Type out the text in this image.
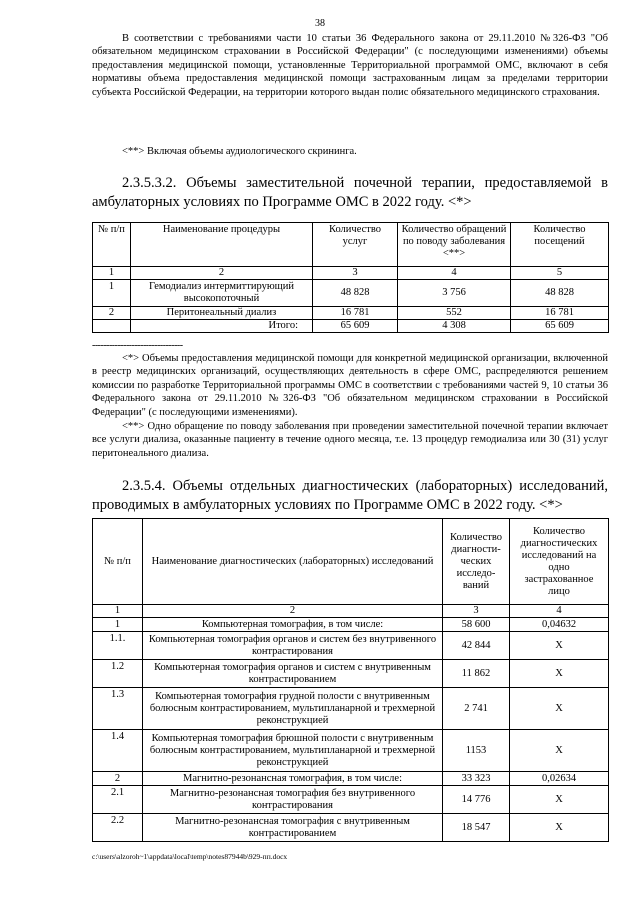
38

В соответствии с требованиями части 10 статьи 36 Федерального закона от 29.11.2010 №326-ФЗ "Об обязательном медицинском страховании в Российской Федерации" (с последующими изменениями) объемы предоставления медицинской помощи, установленные Территориальной программой ОМС, включают в себя нормативы объема предоставления медицинской помощи застрахованным лицам за пределами территории субъекта Российской Федерации, на территории которого выдан полис обязательного медицинского страхования.

<**> Включая объемы аудиологического скрининга.

2.3.5.3.2. Объемы заместительной почечной терапии, предоставляемой в амбулаторных условиях по Программе ОМС в 2022 году. <*>

№ п/п	Наименование процедуры	Количество услуг	Количество обращений по поводу заболевания <**>	Количество посещений
1	2	3	4	5
1	Гемодиализ интермиттирующий высокопоточный	48 828	3 756	48 828
2	Перитонеальный диализ	16 781	552	16 781
	Итого:	65 609	4 308	65 609
--------------------------------

<*> Объемы предоставления медицинской помощи для конкретной медицинской организации, включенной в реестр медицинских организаций, осуществляющих деятельность в сфере ОМС, распределяются решением комиссии по разработке Территориальной программы ОМС в соответствии с требованиями частей 9, 10 статьи 36 Федерального закона от 29.11.2010 №326-ФЗ "Об обязательном медицинском страховании в Российской Федерации" (с последующими изменениями).

<**> Одно обращение по поводу заболевания при проведении заместительной почечной терапии включает все услуги диализа, оказанные пациенту в течение одного месяца, т.е. 13 процедур гемодиализа или 30 (31) услуг перитонеального диализа.

2.3.5.4. Объемы отдельных диагностических (лабораторных) исследований, проводимых в амбулаторных условиях по Программе ОМС в 2022 году. <*>

№ п/п	Наименование диагностических (лабораторных) исследований	Количество диагности-ческих исследо-ваний	Количество диагностических исследований на одно застрахованное лицо
1	2	3	4
1	Компьютерная томография, в том числе:	58 600	0,04632
1.1.	Компьютерная томография органов и систем без внутривенного контрастирования	42 844	Х
1.2	Компьютерная томография органов и систем с внутривенным контрастированием	11 862	Х
1.3	Компьютерная томография грудной полости с внутривенным болюсным контрастированием, мультипланарной и трехмерной реконструкцией	2 741	Х
1.4	Компьютерная томография брюшной полости с внутривенным болюсным контрастированием, мультипланарной и трехмерной реконструкцией	1153	Х
2	Магнитно-резонансная томография, в том числе:	33 323	0,02634
2.1	Магнитно-резонансная томография без внутривенного контрастирования	14 776	Х
2.2	Магнитно-резонансная томография с внутривенным контрастированием	18 547	Х
c:\users\alzoroh~1\appdata\local\temp\notes87944b\929-пп.docx
